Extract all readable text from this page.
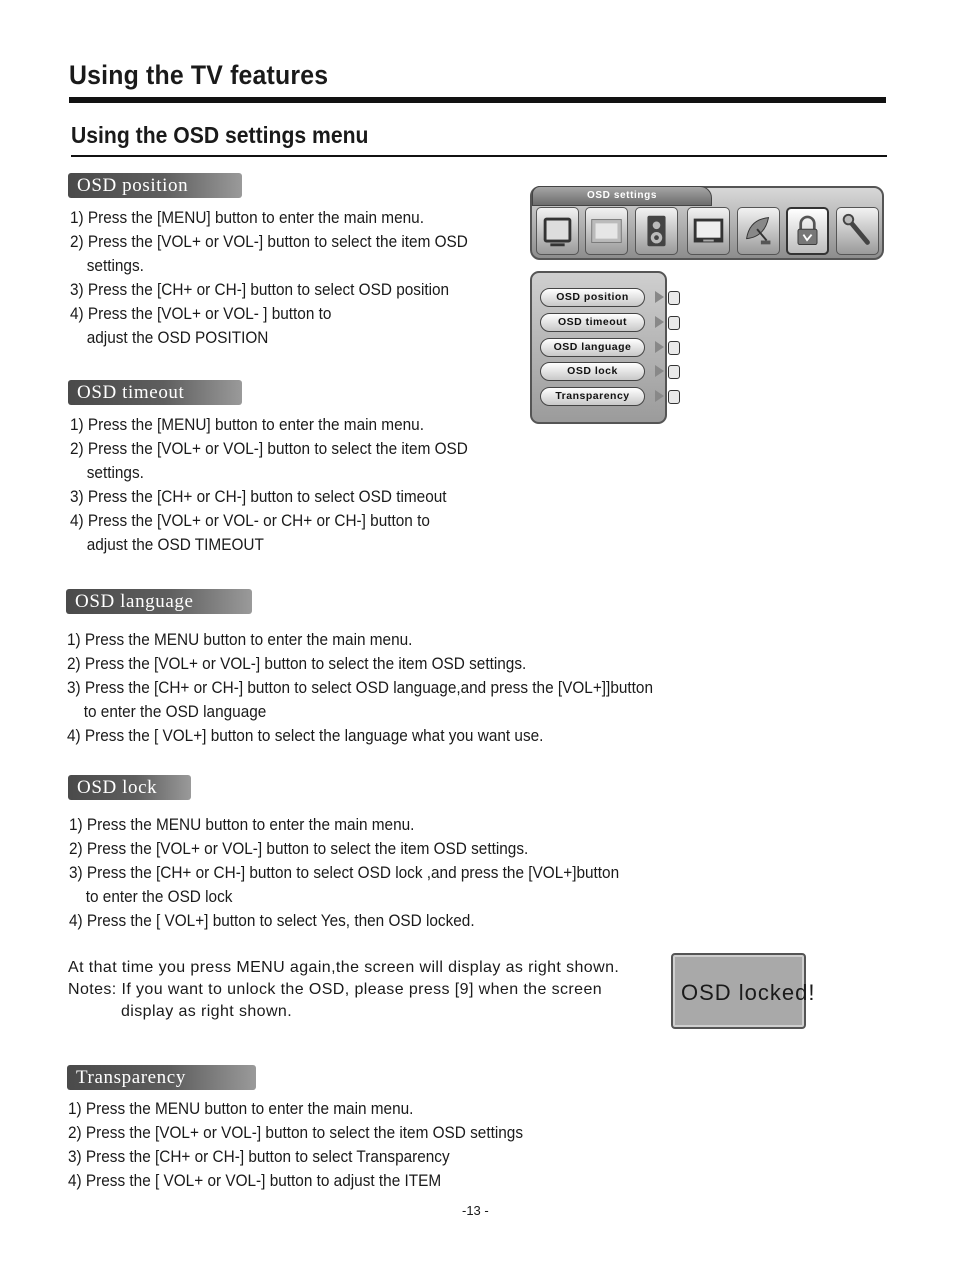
Using the TV features
Using the OSD settings menu
OSD position
1) Press the [MENU] button to enter the main menu.
2) Press the [VOL+ or VOL-] button to select the item OSD
settings.
3) Press the [CH+ or CH-] button to select OSD position
4) Press the [VOL+ or VOL- ] button to
adjust the OSD POSITION
OSD timeout
1) Press the [MENU] button to enter the main menu.
2) Press the [VOL+ or VOL-] button to select the item OSD
settings.
3) Press the [CH+ or CH-] button to select OSD timeout
4) Press the [VOL+ or VOL- or CH+ or CH-] button to
adjust the OSD TIMEOUT
OSD language
1) Press the MENU button to enter the main menu.
2) Press the [VOL+ or VOL-] button to select the item OSD settings.
3) Press the [CH+ or CH-] button to select OSD language,and press the [VOL+]]button
to enter the OSD language
4) Press the [ VOL+] button to select the language what you want use.
OSD lock
1) Press the MENU button to enter the main menu.
2) Press the [VOL+ or VOL-] button to select the item OSD settings.
3) Press the [CH+ or CH-] button to select OSD lock ,and press the [VOL+]button
to enter the OSD lock
4) Press the [ VOL+] button to select Yes, then OSD locked.
At that time you press MENU again,the screen will display as right shown.
Notes: If you want to unlock the OSD, please press [9] when the screen
display as right shown.
OSD locked!
Transparency
1) Press the MENU button to enter the main menu.
2) Press the [VOL+ or VOL-] button to select the item OSD settings
3) Press the [CH+ or CH-] button to select Transparency
4) Press the [ VOL+ or VOL-] button to adjust the ITEM
OSD settings
OSD position
OSD timeout
OSD language
OSD lock
Transparency
-13 -
